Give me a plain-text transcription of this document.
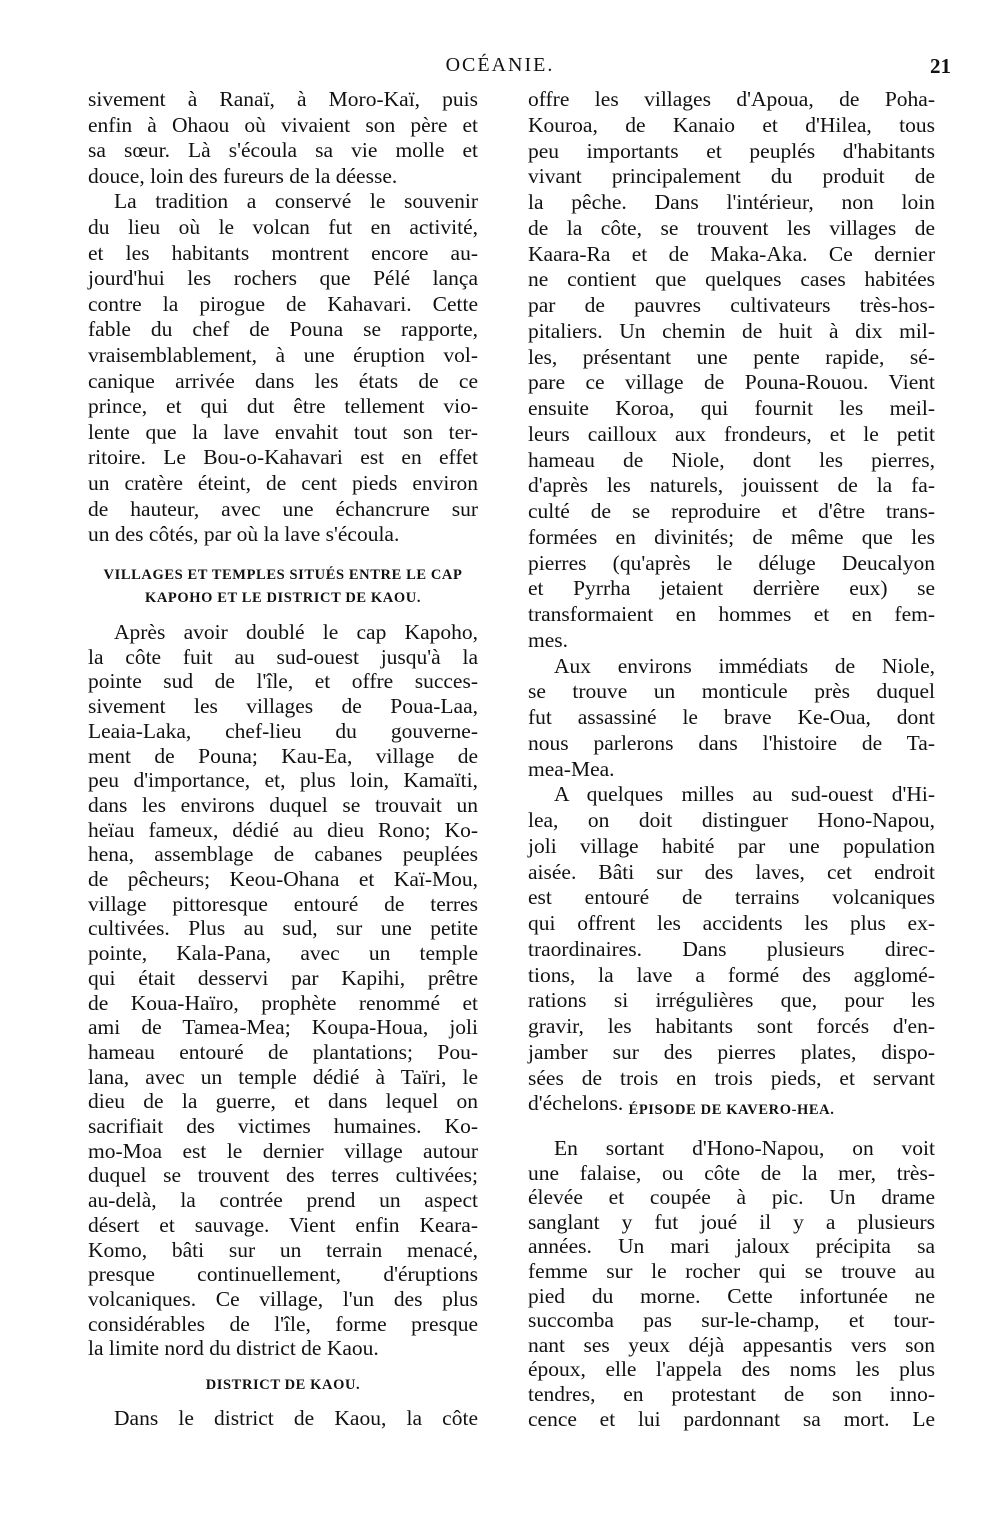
OCÉANIE.	21
sivement à Ranaï, à Moro-Kaï, puis
enfin à Ohaou où vivaient son père et
sa sœur. Là s'écoula sa vie molle et
douce, loin des fureurs de la déesse.
La tradition a conservé le souvenir
du lieu où le volcan fut en activité,
et les habitants montrent encore au-
jourd'hui les rochers que Pélé lança
contre la pirogue de Kahavari. Cette
fable du chef de Pouna se rapporte,
vraisemblablement, à une éruption vol-
canique arrivée dans les états de ce
prince, et qui dut être tellement vio-
lente que la lave envahit tout son ter-
ritoire. Le Bou-o-Kahavari est en effet
un cratère éteint, de cent pieds environ
de hauteur, avec une échancrure sur
un des côtés, par où la lave s'écoula.
VILLAGES ET TEMPLES SITUÉS ENTRE LE CAP
KAPOHO ET LE DISTRICT DE KAOU.
Après avoir doublé le cap Kapoho,
la côte fuit au sud-ouest jusqu'à la
pointe sud de l'île, et offre succes-
sivement les villages de Poua-Laa,
Leaia-Laka, chef-lieu du gouverne-
ment de Pouna; Kau-Ea, village de
peu d'importance, et, plus loin, Kamaïti,
dans les environs duquel se trouvait un
heïau fameux, dédié au dieu Rono; Ko-
hena, assemblage de cabanes peuplées
de pêcheurs; Keou-Ohana et Kaï-Mou,
village pittoresque entouré de terres
cultivées. Plus au sud, sur une petite
pointe, Kala-Pana, avec un temple
qui était desservi par Kapihi, prêtre
de Koua-Haïro, prophète renommé et
ami de Tamea-Mea; Koupa-Houa, joli
hameau entouré de plantations; Pou-
lana, avec un temple dédié à Taïri, le
dieu de la guerre, et dans lequel on
sacrifiait des victimes humaines. Ko-
mo-Moa est le dernier village autour
duquel se trouvent des terres cultivées;
au-delà, la contrée prend un aspect
désert et sauvage. Vient enfin Keara-
Komo, bâti sur un terrain menacé,
presque continuellement, d'éruptions
volcaniques. Ce village, l'un des plus
considérables de l'île, forme presque
la limite nord du district de Kaou.
DISTRICT DE KAOU.
Dans le district de Kaou, la côte
offre les villages d'Apoua, de Poha-
Kouroa, de Kanaio et d'Hilea, tous
peu importants et peuplés d'habitants
vivant principalement du produit de
la pêche. Dans l'intérieur, non loin
de la côte, se trouvent les villages de
Kaara-Ra et de Maka-Aka. Ce dernier
ne contient que quelques cases habitées
par de pauvres cultivateurs très-hos-
pitaliers. Un chemin de huit à dix mil-
les, présentant une pente rapide, sé-
pare ce village de Pouna-Rouou. Vient
ensuite Koroa, qui fournit les meil-
leurs cailloux aux frondeurs, et le petit
hameau de Niole, dont les pierres,
d'après les naturels, jouissent de la fa-
culté de se reproduire et d'être trans-
formées en divinités; de même que les
pierres (qu'après le déluge Deucalyon
et Pyrrha jetaient derrière eux) se
transformaient en hommes et en fem-
mes.
Aux environs immédiats de Niole,
se trouve un monticule près duquel
fut assassiné le brave Ke-Oua, dont
nous parlerons dans l'histoire de Ta-
mea-Mea.
A quelques milles au sud-ouest d'Hi-
lea, on doit distinguer Hono-Napou,
joli village habité par une population
aisée. Bâti sur des laves, cet endroit
est entouré de terrains volcaniques
qui offrent les accidents les plus ex-
traordinaires. Dans plusieurs direc-
tions, la lave a formé des agglomé-
rations si irrégulières que, pour les
gravir, les habitants sont forcés d'en-
jamber sur des pierres plates, dispo-
sées de trois en trois pieds, et servant
d'échelons. ÉPISODE DE KAVERO-HEA.
En sortant d'Hono-Napou, on voit
une falaise, ou côte de la mer, très-
élevée et coupée à pic. Un drame
sanglant y fut joué il y a plusieurs
années. Un mari jaloux précipita sa
femme sur le rocher qui se trouve au
pied du morne. Cette infortunée ne
succomba pas sur-le-champ, et tour-
nant ses yeux déjà appesantis vers son
époux, elle l'appela des noms les plus
tendres, en protestant de son inno-
cence et lui pardonnant sa mort. Le
